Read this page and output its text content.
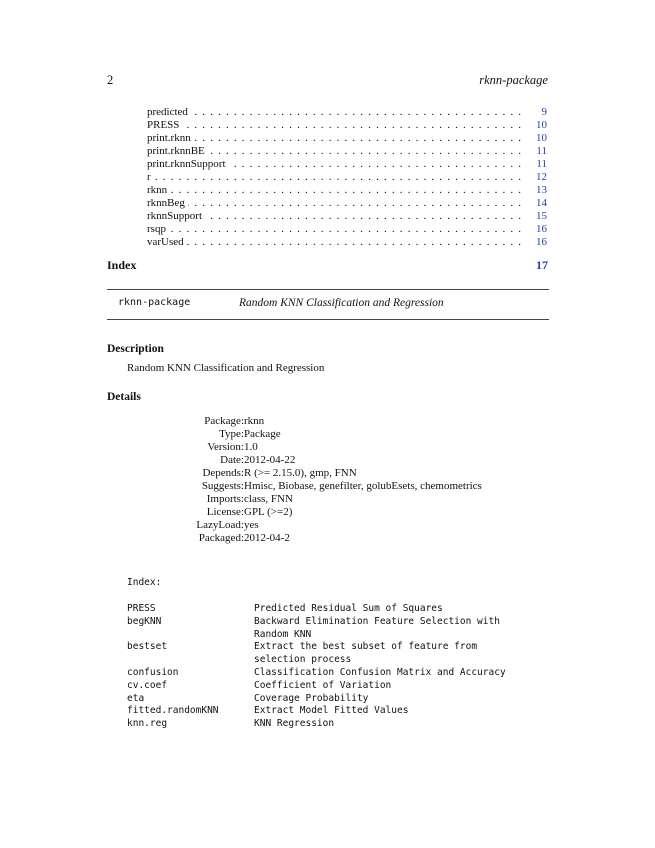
2	rknn-package
predicted . . .	9
PRESS . . .	10
print.rknn . . .	10
print.rknnBE . . .	11
print.rknnSupport . . .	11
r . . .	12
rknn . . .	13
rknnBeg . . .	14
rknnSupport . . .	15
rsqp . . .	16
varUsed . . .	16
Index	17
rknn-package	Random KNN Classification and Regression
Description
Random KNN Classification and Regression
Details
Package: rknn
Type: Package
Version: 1.0
Date: 2012-04-22
Depends: R (>= 2.15.0), gmp, FNN
Suggests: Hmisc, Biobase, genefilter, golubEsets, chemometrics
Imports: class, FNN
License: GPL (>=2)
LazyLoad: yes
Packaged: 2012-04-2
Index:
PRESS	Predicted Residual Sum of Squares
begKNN	Backward Elimination Feature Selection with
Random KNN
bestset	Extract the best subset of feature from
selection process
confusion	Classification Confusion Matrix and Accuracy
cv.coef	Coefficient of Variation
eta	Coverage Probability
fitted.randomKNN	Extract Model Fitted Values
knn.reg	KNN Regression
